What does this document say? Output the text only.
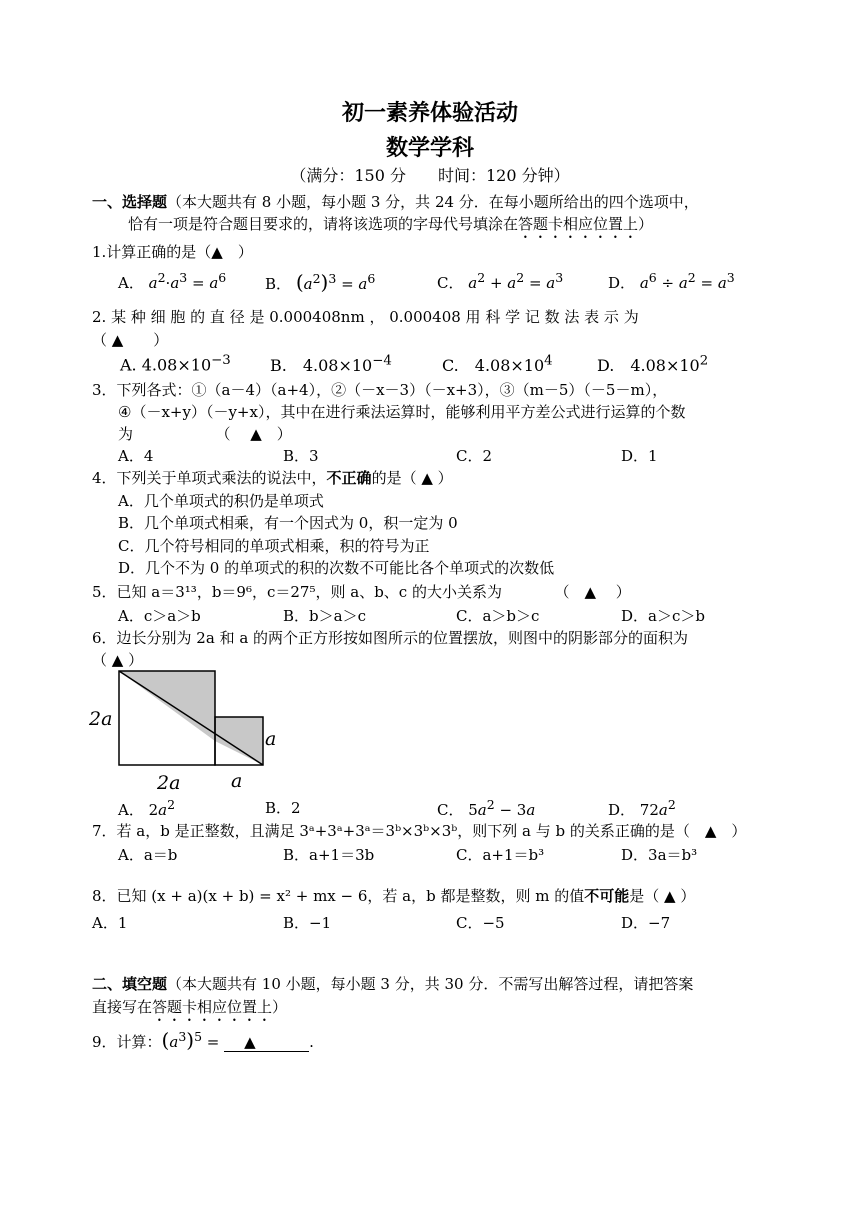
初一素养体验活动
数学学科
（满分：150 分　　时间：120 分钟）
一、选择题（本大题共有 8 小题，每小题 3 分，共 24 分．在每小题所给出的四个选项中，
恰有一项是符合题目要求的，请将该选项的字母代号填涂在答题卡相应位置上）
1.计算正确的是（▲　）
A． $a^2\cdot a^3 = a^6$	B． $(a^2)^3 = a^6$	C． $a^2 + a^2 = a^3$	D． $a^6 \div a^2 = a^3$
2. 某 种 细 胞 的 直 径 是 0.000408nm ， 0.000408 用 科 学 记 数 法 表 示 为
（ ▲　　）
A. $4.08\times 10^{-3}$ B.　$4.08\times 10^{-4}$	C.　$4.08\times 10^4$	D.　$4.08\times 10^2$
3．下列各式：①（a－4）（a+4），②（－x－3）（－x+3），③（m－5）（－5－m），
④（－x+y）（－y+x），其中在进行乘法运算时，能够利用平方差公式进行运算的个数
为　　　　　　（　 ▲　）
A．4	B．3	C．2	D．1
4．下列关于单项式乘法的说法中，不正确的是（ ▲ ）
A．几个单项式的积仍是单项式
B．几个单项式相乘，有一个因式为 0，积一定为 0
C．几个符号相同的单项式相乘，积的符号为正
D．几个不为 0 的单项式的积的次数不可能比各个单项式的次数低
5．已知 a＝3¹³，b＝9⁶，c＝27⁵，则 a、b、c 的大小关系为　　　　（　▲　 ）
A．c＞a＞b	B．b＞a＞c	C．a＞b＞c	D．a＞c＞b
6．边长分别为 2a 和 a 的两个正方形按如图所示的位置摆放，则图中的阴影部分的面积为
（ ▲ ）
2a
2a	a
a
A． $2a^2$	B．2	C． $5a^2 - 3a$	D． $72a^2$
7．若 a，b 是正整数，且满足 3ᵃ+3ᵃ+3ᵃ＝3ᵇ×3ᵇ×3ᵇ，则下列 a 与 b 的关系正确的是（　▲　）
A．a＝b	B．a+1＝3b	C．a+1＝b³	D．3a＝b³
8．已知 (x + a)(x + b) = x² + mx − 6，若 a，b 都是整数，则 m 的值不可能是（ ▲ ）
A．1	B．−1	C．−5	D．−7
二、填空题（本大题共有 10 小题，每小题 3 分，共 30 分．不需写出解答过程，请把答案
直接写在答题卡相应位置上）
9．计算：$(a^3)^5$ = ▲	.
